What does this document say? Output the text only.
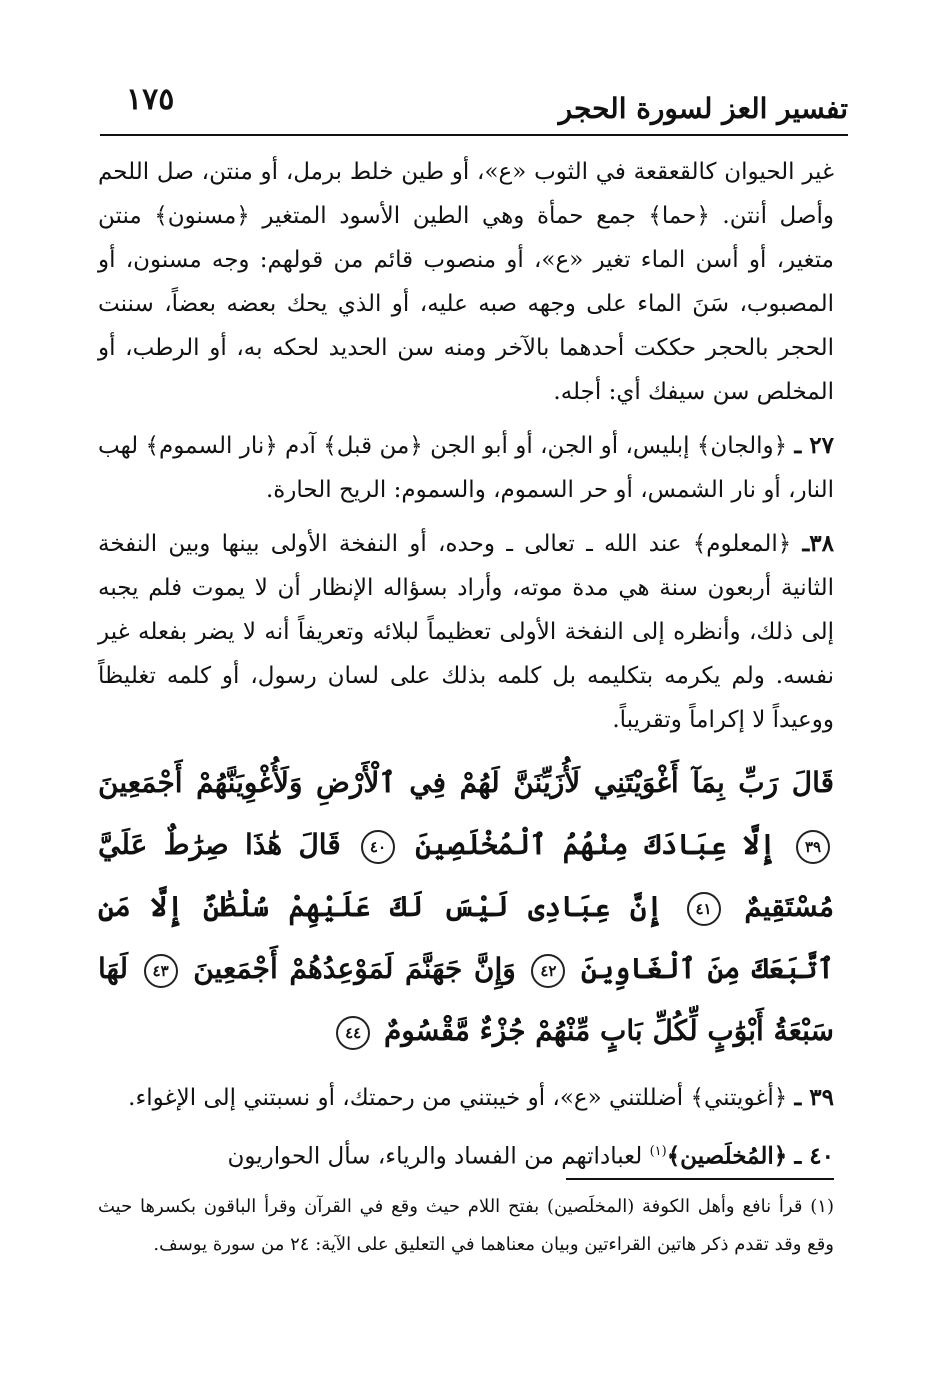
١٧٥	تفسير العز لسورة الحجر

غير الحيوان كالقعقعة في الثوب «ع»، أو طين خلط برمل، أو منتن، صل اللحم وأصل أنتن. ﴿حما﴾ جمع حمأة وهي الطين الأسود المتغير ﴿مسنون﴾ منتن متغير، أو أسن الماء تغير «ع»، أو منصوب قائم من قولهم: وجه مسنون، أو المصبوب، سَنَ الماء على وجهه صبه عليه، أو الذي يحك بعضه بعضاً، سننت الحجر بالحجر حككت أحدهما بالآخر ومنه سن الحديد لحكه به، أو الرطب، أو المخلص سن سيفك أي: أجله.

٢٧ ـ ﴿والجان﴾ إبليس، أو الجن، أو أبو الجن ﴿من قبل﴾ آدم ﴿نار السموم﴾ لهب النار، أو نار الشمس، أو حر السموم، والسموم: الريح الحارة.

٣٨ـ ﴿المعلوم﴾ عند الله ـ تعالى ـ وحده، أو النفخة الأولى بينها وبين النفخة الثانية أربعون سنة هي مدة موته، وأراد بسؤاله الإنظار أن لا يموت فلم يجبه إلى ذلك، وأنظره إلى النفخة الأولى تعظيماً لبلائه وتعريفاً أنه لا يضر بفعله غير نفسه. ولم يكرمه بتكليمه بل كلمه بذلك على لسان رسول، أو كلمه تغليظاً ووعيداً لا إكراماً وتقريباً.

قَالَ رَبِّ بِمَآ أَغْوَيْتَنِي لَأُزَيِّنَنَّ لَهُمْ فِي ٱلْأَرْضِ وَلَأُغْوِيَنَّهُمْ أَجْمَعِينَ ٣٩ إِلَّا عِبَادَكَ مِنْهُمُ ٱلْمُخْلَصِينَ ٤٠ قَالَ هَٰذَا صِرَٰطٌ عَلَيَّ مُسْتَقِيمٌ ٤١ إِنَّ عِبَادِى لَيْسَ لَكَ عَلَيْهِمْ سُلْطَٰنٌ إِلَّا مَنِ ٱتَّبَعَكَ مِنَ ٱلْغَاوِينَ ٤٢ وَإِنَّ جَهَنَّمَ لَمَوْعِدُهُمْ أَجْمَعِينَ ٤٣ لَهَا سَبْعَةُ أَبْوَٰبٍ لِّكُلِّ بَابٍ مِّنْهُمْ جُزْءٌ مَّقْسُومٌ ٤٤

٣٩ ـ ﴿أغويتني﴾ أضللتني «ع»، أو خيبتني من رحمتك، أو نسبتني إلى الإغواء.

٤٠ ـ ﴿المُخلَصين﴾$^{(١)}$ لعباداتهم من الفساد والرياء، سأل الحواريون

(١) قرأ نافع وأهل الكوفة (المخلَصين) بفتح اللام حيث وقع في القرآن وقرأ الباقون بكسرها حيث وقع وقد تقدم ذكر هاتين القراءتين وبيان معناهما في التعليق على الآية: ٢٤ من سورة يوسف.
